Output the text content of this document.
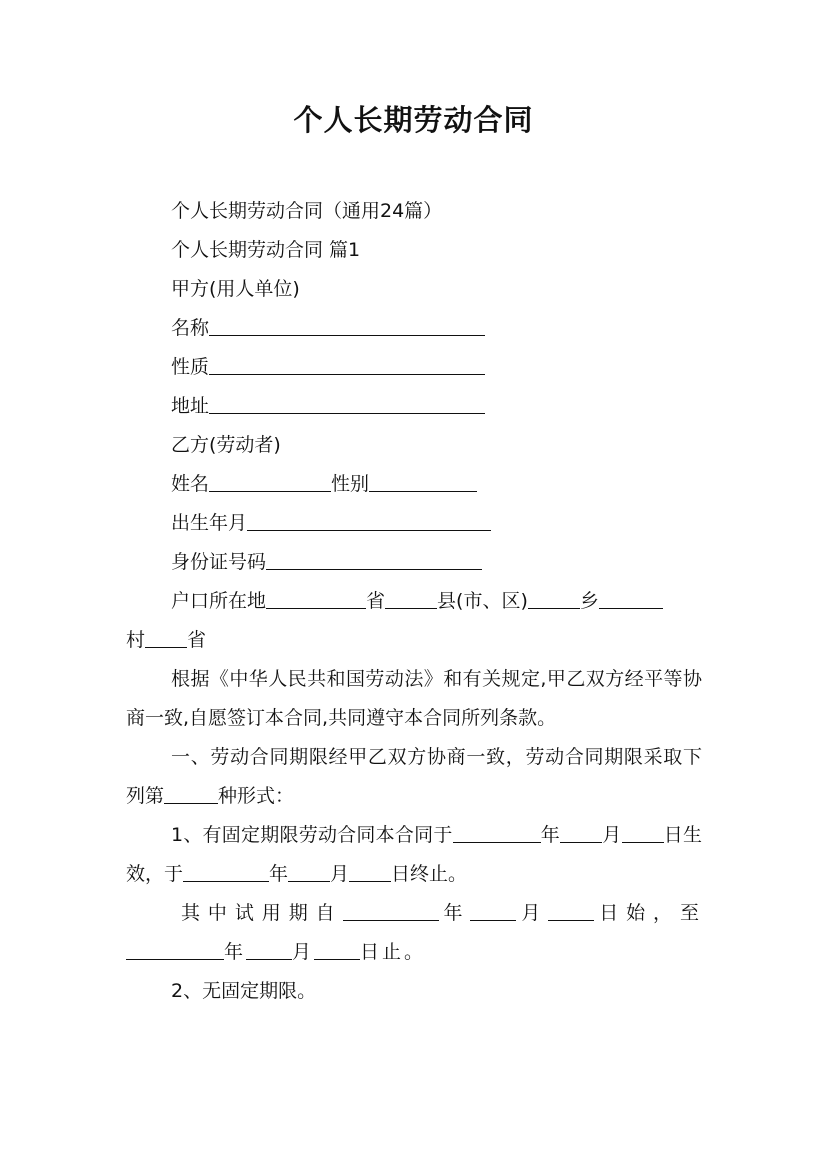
个人长期劳动合同
个人长期劳动合同（通用24篇）
个人长期劳动合同 篇1
甲方(用人单位)
名称
性质
地址
乙方(劳动者)
姓名	性别
出生年月
身份证号码
户口所在地	省	县(市、区)	乡
村 省
根据《中华人民共和国劳动法》和有关规定,甲乙双方经平等协商一致,自愿签订本合同,共同遵守本合同所列条款。
一、劳动合同期限经甲乙双方协商一致，劳动合同期限采取下列第	种形式：
1、有固定期限劳动合同本合同于	年 月 日生效，于	年 月 日终止。
其中试用期自	年 月 日始，至年 月 日止。
2、无固定期限。
